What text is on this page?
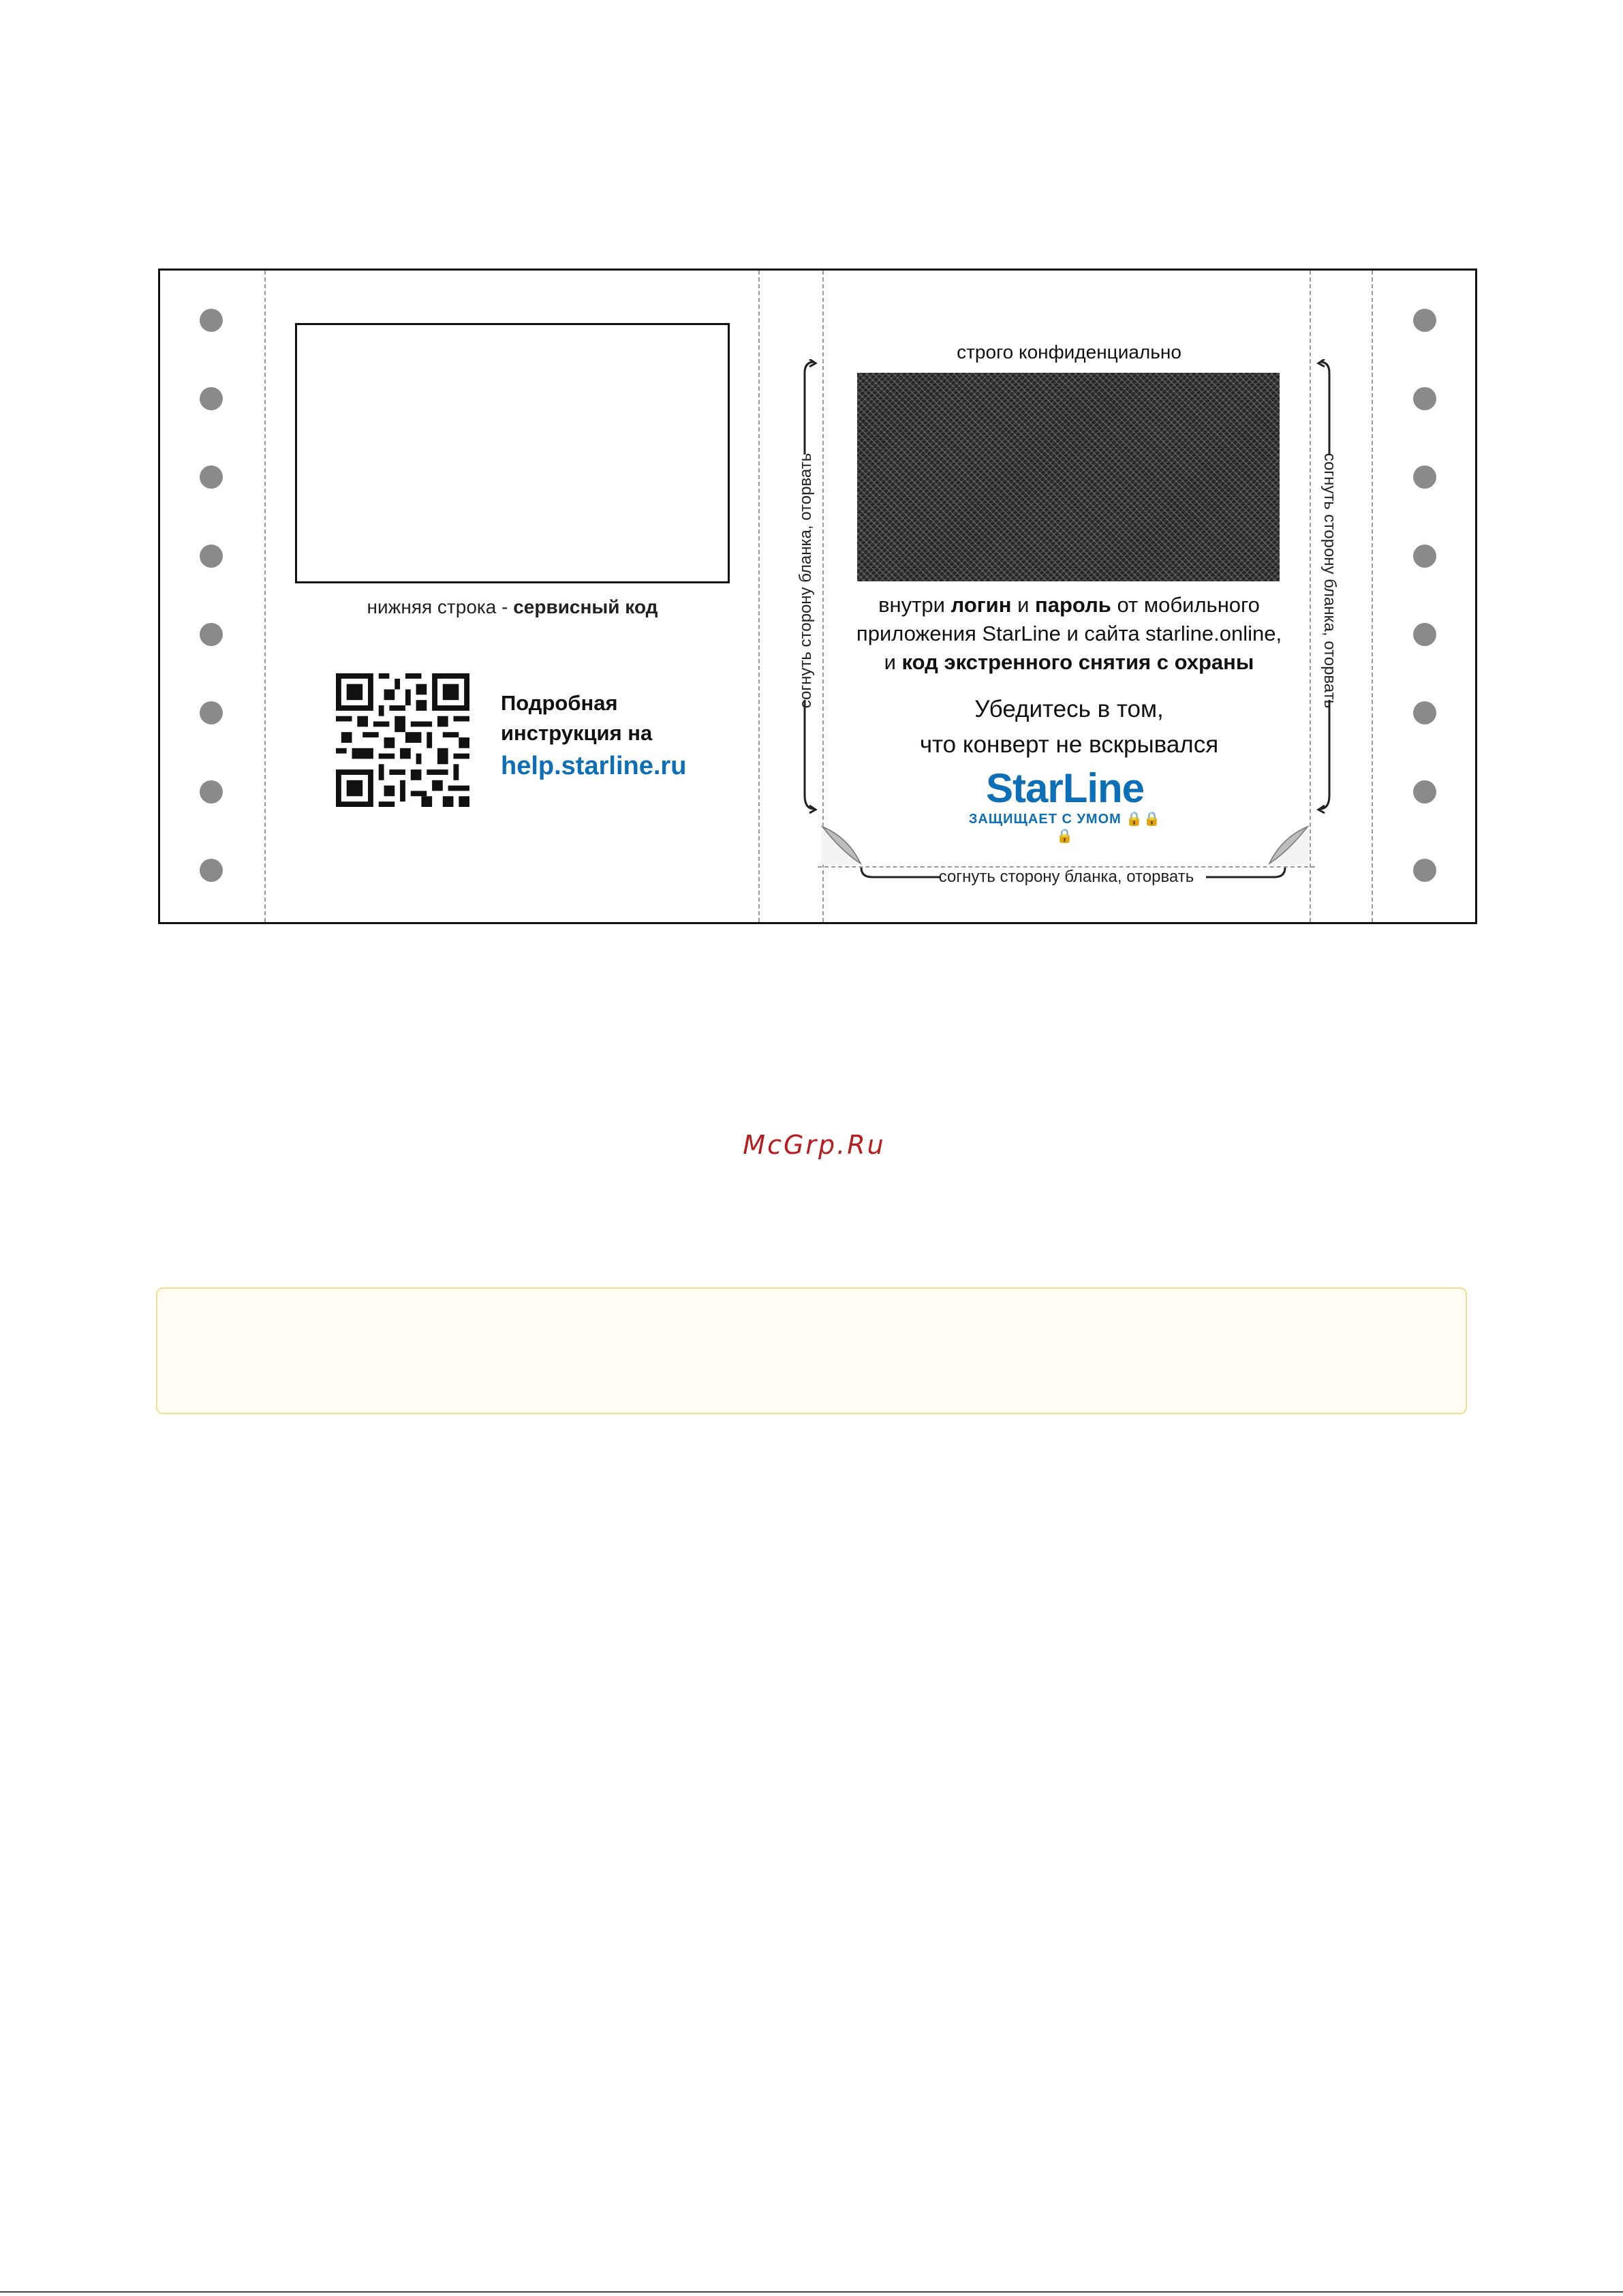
нижняя строка - сервисный код
Подробная
инструкция на
help.starline.ru
строго конфиденциально
согнуть сторону бланка, оторвать	согнуть сторону бланка, оторвать
внутри логин и пароль от мобильного
приложения StarLine и сайта starline.online,
и код экстренного снятия с охраны
Убедитесь в том,
что конверт не вскрывался
StarLine
ЗАЩИЩАЕТ С УМОМ 🔒🔒🔒
согнуть сторону бланка, оторвать
McGrp.Ru
